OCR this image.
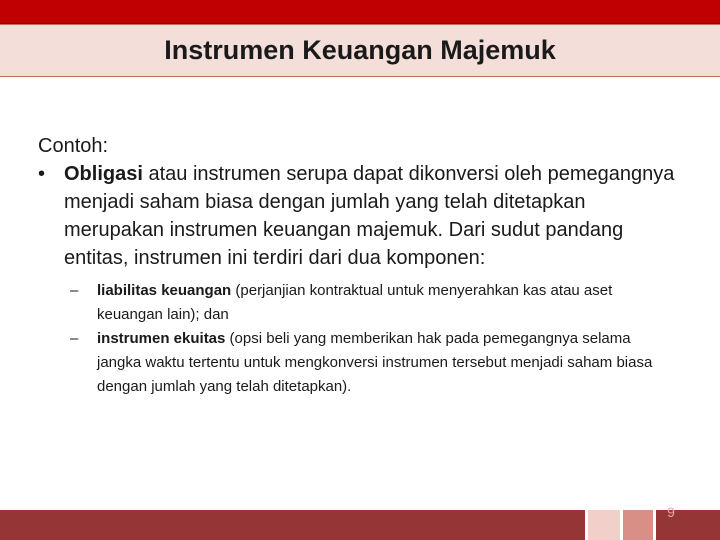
Instrumen Keuangan Majemuk
Contoh:
• Obligasi atau instrumen serupa dapat dikonversi oleh pemegangnya menjadi saham biasa dengan jumlah yang telah ditetapkan merupakan instrumen keuangan majemuk. Dari sudut pandang entitas, instrumen ini terdiri dari dua komponen:
– liabilitas keuangan (perjanjian kontraktual untuk menyerahkan kas atau aset keuangan lain); dan
– instrumen ekuitas (opsi beli yang memberikan hak pada pemegangnya selama jangka waktu tertentu untuk mengkonversi instrumen tersebut menjadi saham biasa dengan jumlah yang telah ditetapkan).
9
